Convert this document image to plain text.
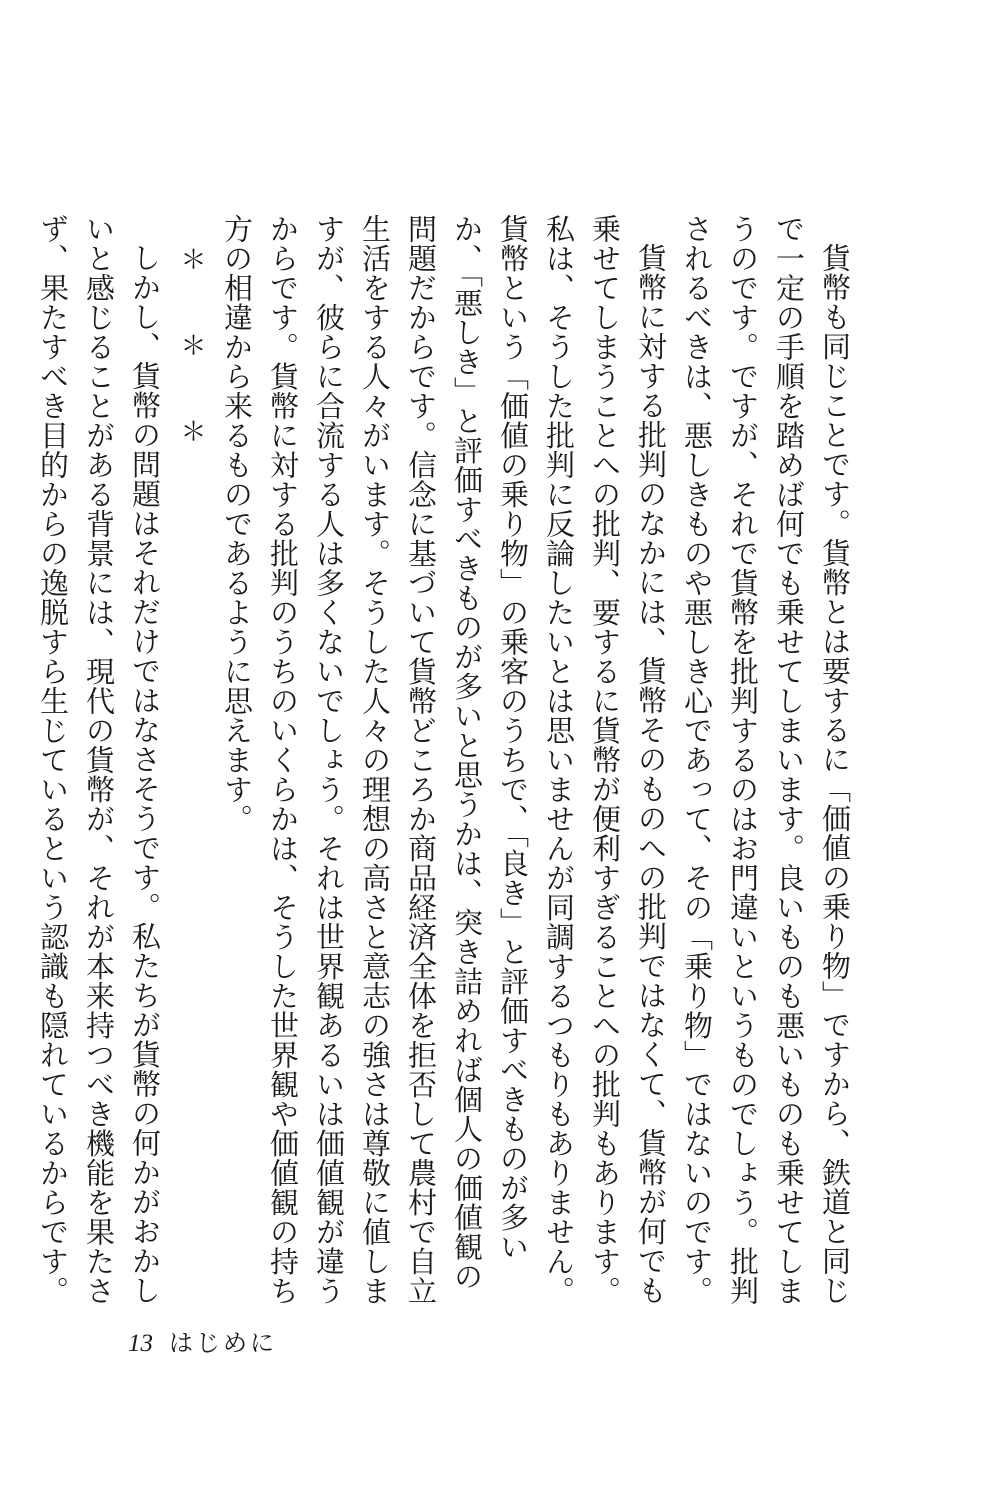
貨幣も同じことです。貨幣とは要するに「価値の乗り物」ですから、鉄道と同じで一定の手順を踏めば何でも乗せてしまいます。良いものも悪いものも乗せてしまうのです。ですが、それで貨幣を批判するのはお門違いというものでしょう。批判されるべきは、悪しきものや悪しき心であって、その「乗り物」ではないのです。

貨幣に対する批判のなかには、貨幣そのものへの批判ではなくて、貨幣が何でも乗せてしまうことへの批判、要するに貨幣が便利すぎることへの批判もあります。私は、そうした批判に反論したいとは思いませんが同調するつもりもありません。貨幣という「価値の乗り物」の乗客のうちで、「良き」と評価すべきものが多いか、「悪しき」と評価すべきものが多いと思うかは、突き詰めれば個人の価値観の問題だからです。信念に基づいて貨幣どころか商品経済全体を拒否して農村で自立生活をする人々がいます。そうした人々の理想の高さと意志の強さは尊敬に値しますが、彼らに合流する人は多くないでしょう。それは世界観あるいは価値観が違うからです。貨幣に対する批判のうちのいくらかは、そうした世界観や価値観の持ち方の相違から来るものであるように思えます。

＊＊＊

しかし、貨幣の問題はそれだけではなさそうです。私たちが貨幣の何かがおかしいと感じることがある背景には、現代の貨幣が、それが本来持つべき機能を果たさず、果たすべき目的からの逸脱すら生じているという認識も隠れているからです。

13 はじめに
